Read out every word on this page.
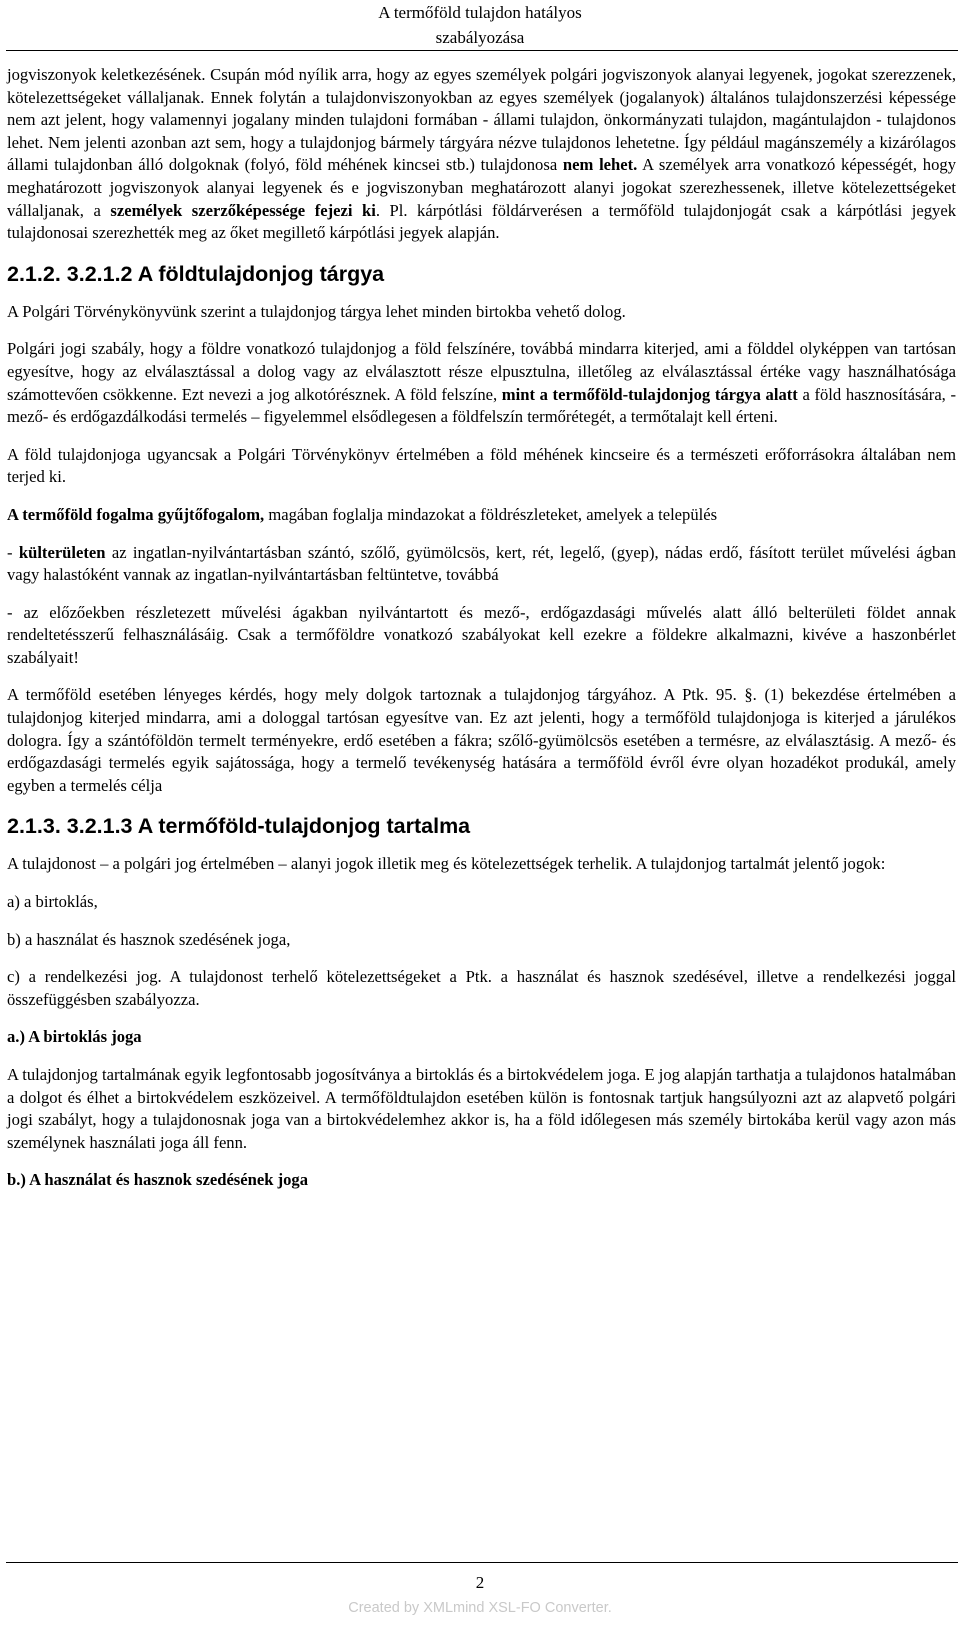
A termőföld tulajdon hatályos
szabályozása

jogviszonyok keletkezésének. Csupán mód nyílik arra, hogy az egyes személyek polgári jogviszonyok alanyai legyenek, jogokat szerezzenek, kötelezettségeket vállaljanak. Ennek folytán a tulajdonviszonyokban az egyes személyek (jogalanyok) általános tulajdonszerzési képessége nem azt jelent, hogy valamennyi jogalany minden tulajdoni formában - állami tulajdon, önkormányzati tulajdon, magántulajdon - tulajdonos lehet. Nem jelenti azonban azt sem, hogy a tulajdonjog bármely tárgyára nézve tulajdonos lehetetne. Így például magánszemély a kizárólagos állami tulajdonban álló dolgoknak (folyó, föld méhének kincsei stb.) tulajdonosa nem lehet. A személyek arra vonatkozó képességét, hogy meghatározott jogviszonyok alanyai legyenek és e jogviszonyban meghatározott alanyi jogokat szerezhessenek, illetve kötelezettségeket vállaljanak, a személyek szerzőképessége fejezi ki. Pl. kárpótlási földárverésen a termőföld tulajdonjogát csak a kárpótlási jegyek tulajdonosai szerezhették meg az őket megillető kárpótlási jegyek alapján.

2.1.2. 3.2.1.2 A földtulajdonjog tárgya

A Polgári Törvénykönyvünk szerint a tulajdonjog tárgya lehet minden birtokba vehető dolog.

Polgári jogi szabály, hogy a földre vonatkozó tulajdonjog a föld felszínére, továbbá mindarra kiterjed, ami a földdel olyképpen van tartósan egyesítve, hogy az elválasztással a dolog vagy az elválasztott része elpusztulna, illetőleg az elválasztással értéke vagy használhatósága számottevően csökkenne. Ezt nevezi a jog alkotórésznek. A föld felszíne, mint a termőföld-tulajdonjog tárgya alatt a föld hasznosítására, - mező- és erdőgazdálkodási termelés – figyelemmel elsődlegesen a földfelszín termőrétegét, a termőtalajt kell érteni.

A föld tulajdonjoga ugyancsak a Polgári Törvénykönyv értelmében a föld méhének kincseire és a természeti erőforrásokra általában nem terjed ki.

A termőföld fogalma gyűjtőfogalom, magában foglalja mindazokat a földrészleteket, amelyek a település

- külterületen az ingatlan-nyilvántartásban szántó, szőlő, gyümölcsös, kert, rét, legelő, (gyep), nádas erdő, fásított terület művelési ágban vagy halastóként vannak az ingatlan-nyilvántartásban feltüntetve, továbbá

- az előzőekben részletezett művelési ágakban nyilvántartott és mező-, erdőgazdasági művelés alatt álló belterületi földet annak rendeltetésszerű felhasználásáig. Csak a termőföldre vonatkozó szabályokat kell ezekre a földekre alkalmazni, kivéve a haszonbérlet szabályait!

A termőföld esetében lényeges kérdés, hogy mely dolgok tartoznak a tulajdonjog tárgyához. A Ptk. 95. §. (1) bekezdése értelmében a tulajdonjog kiterjed mindarra, ami a dologgal tartósan egyesítve van. Ez azt jelenti, hogy a termőföld tulajdonjoga is kiterjed a járulékos dologra. Így a szántóföldön termelt terményekre, erdő esetében a fákra; szőlő-gyümölcsös esetében a termésre, az elválasztásig. A mező- és erdőgazdasági termelés egyik sajátossága, hogy a termelő tevékenység hatására a termőföld évről évre olyan hozadékot produkál, amely egyben a termelés célja

2.1.3. 3.2.1.3 A termőföld-tulajdonjog tartalma

A tulajdonost – a polgári jog értelmében – alanyi jogok illetik meg és kötelezettségek terhelik. A tulajdonjog tartalmát jelentő jogok:

a) a birtoklás,

b) a használat és hasznok szedésének joga,

c) a rendelkezési jog. A tulajdonost terhelő kötelezettségeket a Ptk. a használat és hasznok szedésével, illetve a rendelkezési joggal összefüggésben szabályozza.

a.) A birtoklás joga

A tulajdonjog tartalmának egyik legfontosabb jogosítványa a birtoklás és a birtokvédelem joga. E jog alapján tarthatja a tulajdonos hatalmában a dolgot és élhet a birtokvédelem eszközeivel. A termőföldtulajdon esetében külön is fontosnak tartjuk hangsúlyozni azt az alapvető polgári jogi szabályt, hogy a tulajdonosnak joga van a birtokvédelemhez akkor is, ha a föld időlegesen más személy birtokába kerül vagy azon más személynek használati joga áll fenn.

b.) A használat és hasznok szedésének joga

2
Created by XMLmind XSL-FO Converter.
